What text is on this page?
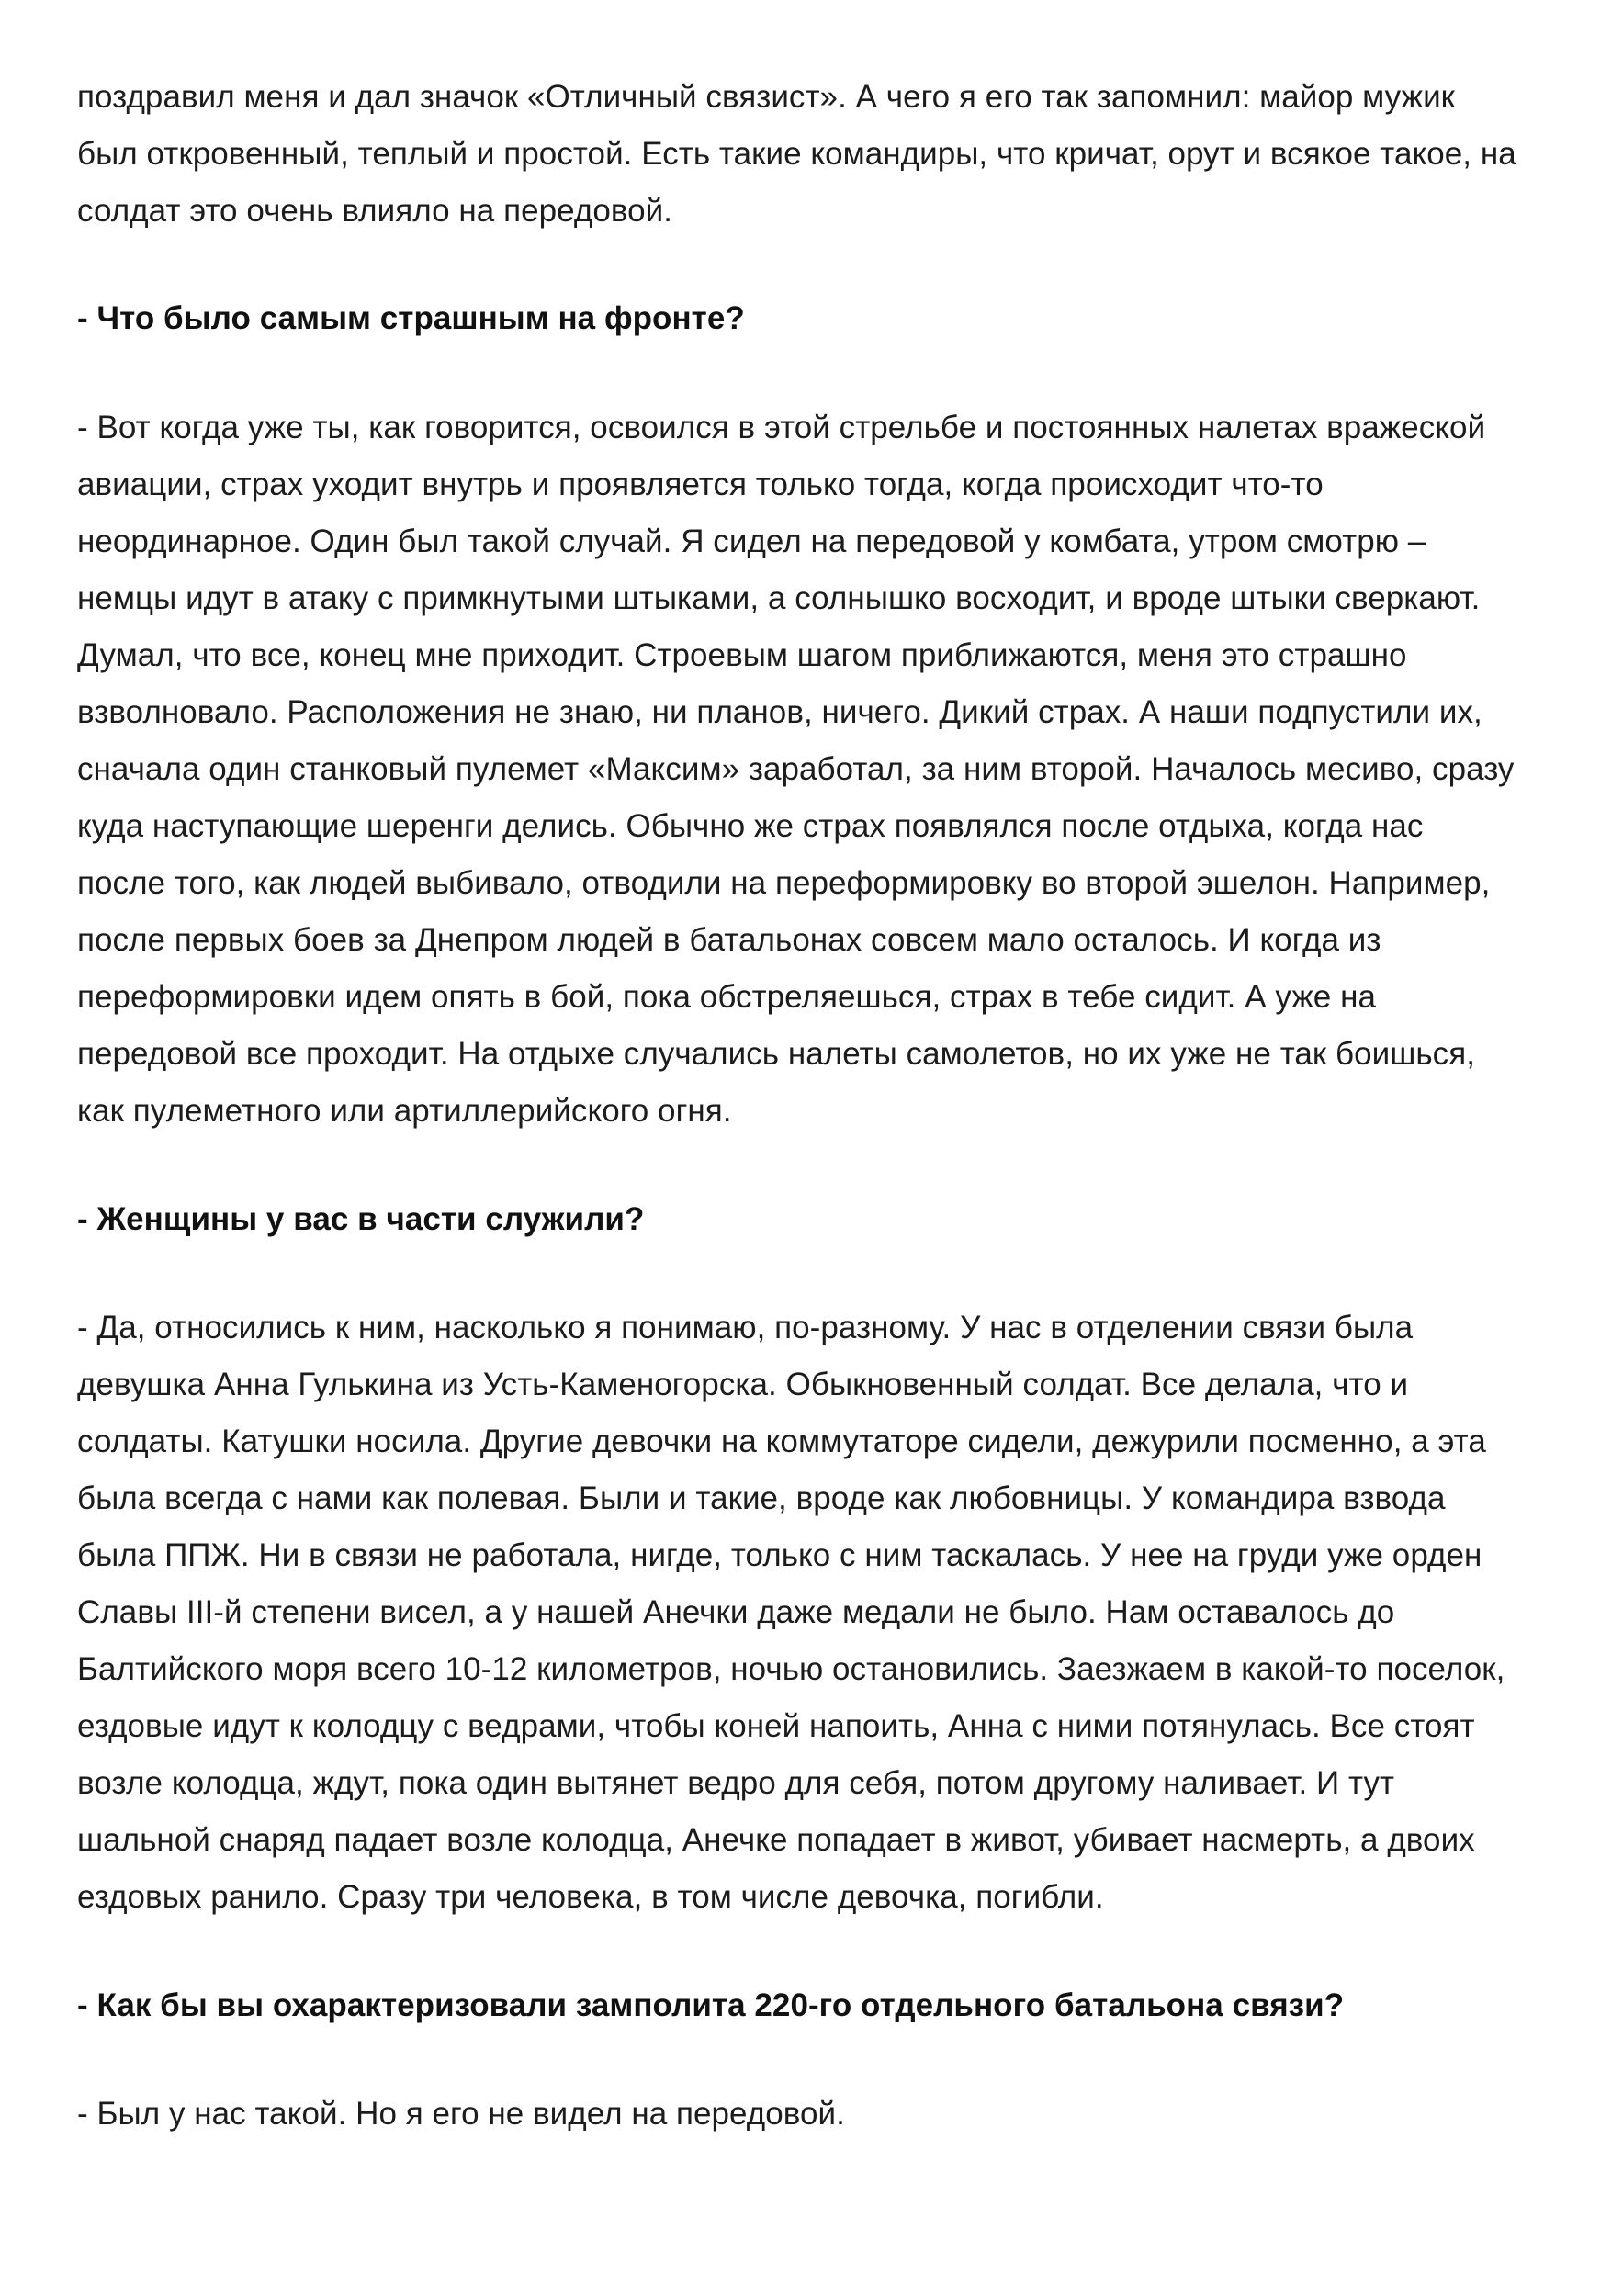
поздравил меня и дал значок «Отличный связист». А чего я его так запомнил: майор мужик
был откровенный, теплый и простой. Есть такие командиры, что кричат, орут и всякое такое, на
солдат это очень влияло на передовой.
- Что было самым страшным на фронте?
- Вот когда уже ты, как говорится, освоился в этой стрельбе и постоянных налетах вражеской
авиации, страх уходит внутрь и проявляется только тогда, когда происходит что-то
неординарное. Один был такой случай. Я сидел на передовой у комбата, утром смотрю –
немцы идут в атаку с примкнутыми штыками, а солнышко восходит, и вроде штыки сверкают.
Думал, что все, конец мне приходит. Строевым шагом приближаются, меня это страшно
взволновало. Расположения не знаю, ни планов, ничего. Дикий страх. А наши подпустили их,
сначала один станковый пулемет «Максим» заработал, за ним второй. Началось месиво, сразу
куда наступающие шеренги делись. Обычно же страх появлялся после отдыха, когда нас
после того, как людей выбивало, отводили на переформировку во второй эшелон. Например,
после первых боев за Днепром людей в батальонах совсем мало осталось. И когда из
переформировки идем опять в бой, пока обстреляешься, страх в тебе сидит. А уже на
передовой все проходит. На отдыхе случались налеты самолетов, но их уже не так боишься,
как пулеметного или артиллерийского огня.
- Женщины у вас в части служили?
- Да, относились к ним, насколько я понимаю, по-разному. У нас в отделении связи была
девушка Анна Гулькина из Усть-Каменогорска. Обыкновенный солдат. Все делала, что и
солдаты. Катушки носила. Другие девочки на коммутаторе сидели, дежурили посменно, а эта
была всегда с нами как полевая. Были и такие, вроде как любовницы. У командира взвода
была ППЖ. Ни в связи не работала, нигде, только с ним таскалась. У нее на груди уже орден
Славы III-й степени висел, а у нашей Анечки даже медали не было. Нам оставалось до
Балтийского моря всего 10-12 километров, ночью остановились. Заезжаем в какой-то поселок,
ездовые идут к колодцу с ведрами, чтобы коней напоить, Анна с ними потянулась. Все стоят
возле колодца, ждут, пока один вытянет ведро для себя, потом другому наливает. И тут
шальной снаряд падает возле колодца, Анечке попадает в живот, убивает насмерть, а двоих
ездовых ранило. Сразу три человека, в том числе девочка, погибли.
- Как бы вы охарактеризовали замполита 220-го отдельного батальона связи?
- Был у нас такой. Но я его не видел на передовой.
